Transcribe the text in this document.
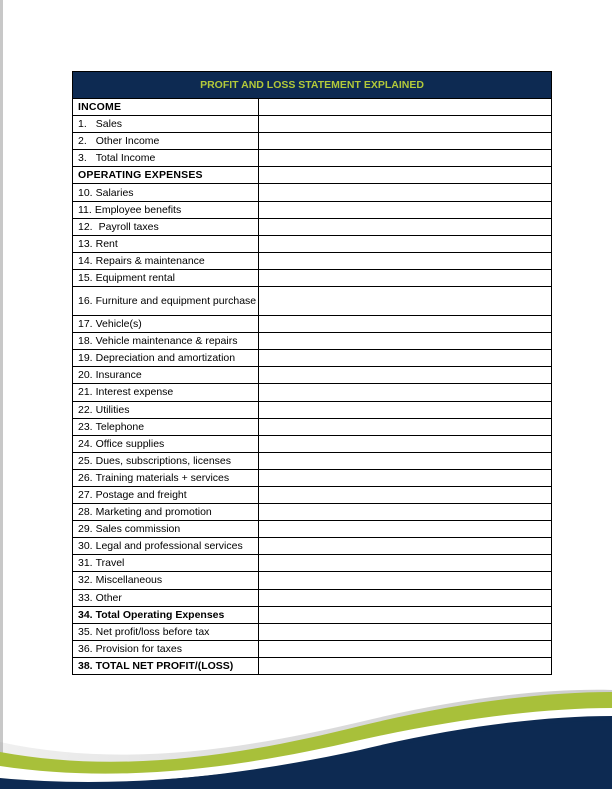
PROFIT AND LOSS STATEMENT EXPLAINED	
INCOME	
1. Sales	
2. Other Income	
3. Total Income	
OPERATING EXPENSES	
10. Salaries	
11. Employee benefits	
12. Payroll taxes	
13. Rent	
14. Repairs & maintenance	
15. Equipment rental	
16. Furniture and equipment purchase	
17. Vehicle(s)	
18. Vehicle maintenance & repairs	
19. Depreciation and amortization	
20. Insurance	
21. Interest expense	
22. Utilities	
23. Telephone	
24. Office supplies	
25. Dues, subscriptions, licenses	
26. Training materials + services	
27. Postage and freight	
28. Marketing and promotion	
29. Sales commission	
30. Legal and professional services	
31. Travel	
32. Miscellaneous	
33. Other	
34. Total Operating Expenses	
35. Net profit/loss before tax	
36. Provision for taxes	
38. TOTAL NET PROFIT/(LOSS)	
